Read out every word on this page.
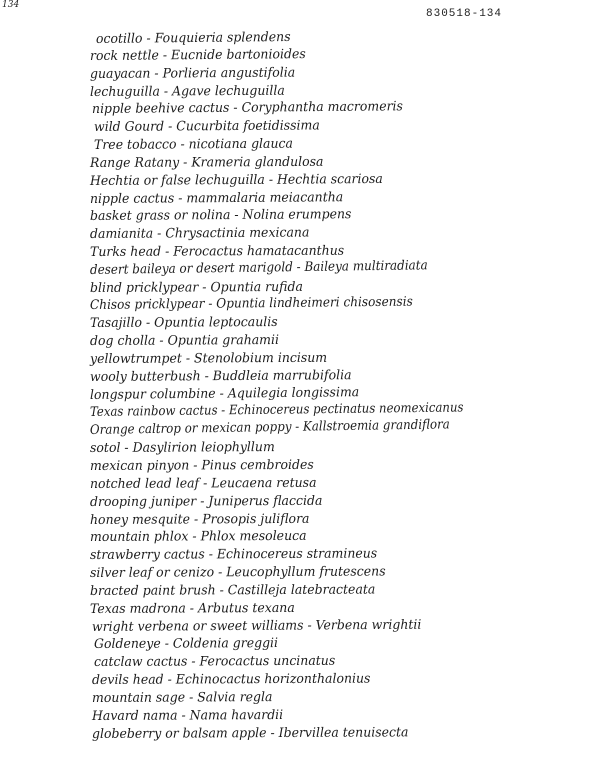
134
830518-134
ocotillo - Fouquieria splendens
rock nettle - Eucnide bartonioides
guayacan - Porlieria angustifolia
lechuguilla - Agave lechuguilla
nipple beehive cactus - Coryphantha macromeris
wild Gourd - Cucurbita foetidissima
Tree tobacco - nicotiana glauca
Range Ratany - Krameria glandulosa
Hechtia or false lechuguilla - Hechtia scariosa
nipple cactus - mammalaria meiacantha
basket grass or nolina - Nolina erumpens
damianita - Chrysactinia mexicana
Turks head - Ferocactus hamatacanthus
desert baileya or desert marigold - Baileya multiradiata
blind pricklypear - Opuntia rufida
Chisos pricklypear - Opuntia lindheimeri chisosensis
Tasajillo - Opuntia leptocaulis
dog cholla - Opuntia grahamii
yellowtrumpet - Stenolobium incisum
wooly butterbush - Buddleia marrubifolia
longspur columbine - Aquilegia longissima
Texas rainbow cactus - Echinocereus pectinatus neomexicanus
Orange caltrop or mexican poppy - Kallstroemia grandiflora
sotol - Dasylirion leiophyllum
mexican pinyon - Pinus cembroides
notched lead leaf - Leucaena retusa
drooping juniper - Juniperus flaccida
honey mesquite - Prosopis juliflora
mountain phlox - Phlox mesoleuca
strawberry cactus - Echinocereus stramineus
silver leaf or cenizo - Leucophyllum frutescens
bracted paint brush - Castilleja latebracteata
Texas madrona - Arbutus texana
wright verbena or sweet williams - Verbena wrightii
Goldeneye - Coldenia greggii
catclaw cactus - Ferocactus uncinatus
devils head - Echinocactus horizonthalonius
mountain sage - Salvia regla
Havard nama - Nama havardii
globeberry or balsam apple - Ibervillea tenuisecta
